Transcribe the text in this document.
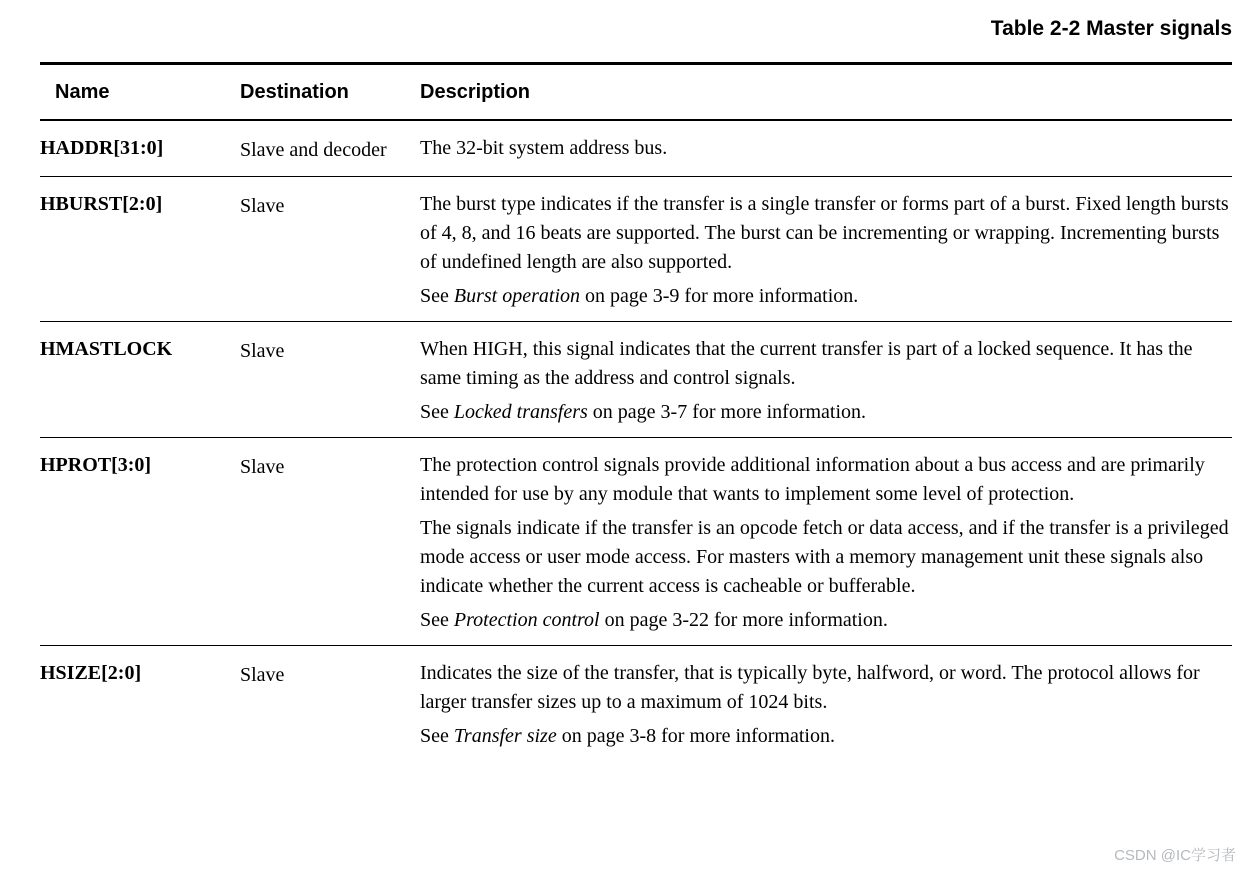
Table 2-2 Master signals
Name	Destination	Description
HADDR[31:0]	Slave and decoder	The 32-bit system address bus.

HBURST[2:0]	Slave	The burst type indicates if the transfer is a single transfer or forms part of a burst. Fixed length bursts of 4, 8, and 16 beats are supported. The burst can be incrementing or wrapping. Incrementing bursts of undefined length are also supported.

See Burst operation on page 3-9 for more information.

HMASTLOCK	Slave	When HIGH, this signal indicates that the current transfer is part of a locked sequence. It has the same timing as the address and control signals.

See Locked transfers on page 3-7 for more information.

HPROT[3:0]	Slave	The protection control signals provide additional information about a bus access and are primarily intended for use by any module that wants to implement some level of protection.

The signals indicate if the transfer is an opcode fetch or data access, and if the transfer is a privileged mode access or user mode access. For masters with a memory management unit these signals also indicate whether the current access is cacheable or bufferable.

See Protection control on page 3-22 for more information.

HSIZE[2:0]	Slave	Indicates the size of the transfer, that is typically byte, halfword, or word. The protocol allows for larger transfer sizes up to a maximum of 1024 bits.

See Transfer size on page 3-8 for more information.

CSDN @IC学习者
